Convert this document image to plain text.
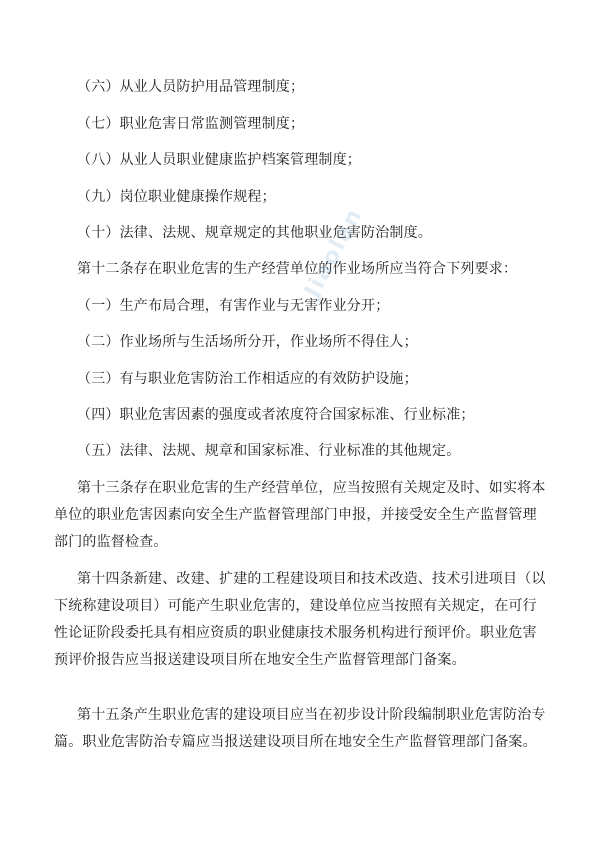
（六）从业人员防护用品管理制度；
（七）职业危害日常监测管理制度；
（八）从业人员职业健康监护档案管理制度；
（九）岗位职业健康操作规程；
（十）法律、法规、规章规定的其他职业危害防治制度。
第十二条存在职业危害的生产经营单位的作业场所应当符合下列要求：
（一）生产布局合理，有害作业与无害作业分开；
（二）作业场所与生活场所分开，作业场所不得住人；
（三）有与职业危害防治工作相适应的有效防护设施；
（四）职业危害因素的强度或者浓度符合国家标准、行业标准；
（五）法律、法规、规章和国家标准、行业标准的其他规定。
第十三条存在职业危害的生产经营单位，应当按照有关规定及时、如实将本
单位的职业危害因素向安全生产监督管理部门申报，并接受安全生产监督管理
部门的监督检查。
第十四条新建、改建、扩建的工程建设项目和技术改造、技术引进项目（以
下统称建设项目）可能产生职业危害的，建设单位应当按照有关规定，在可行
性论证阶段委托具有相应资质的职业健康技术服务机构进行预评价。职业危害
预评价报告应当报送建设项目所在地安全生产监督管理部门备案。
第十五条产生职业危害的建设项目应当在初步设计阶段编制职业危害防治专
篇。职业危害防治专篇应当报送建设项目所在地安全生产监督管理部门备案。
Jiaolan
